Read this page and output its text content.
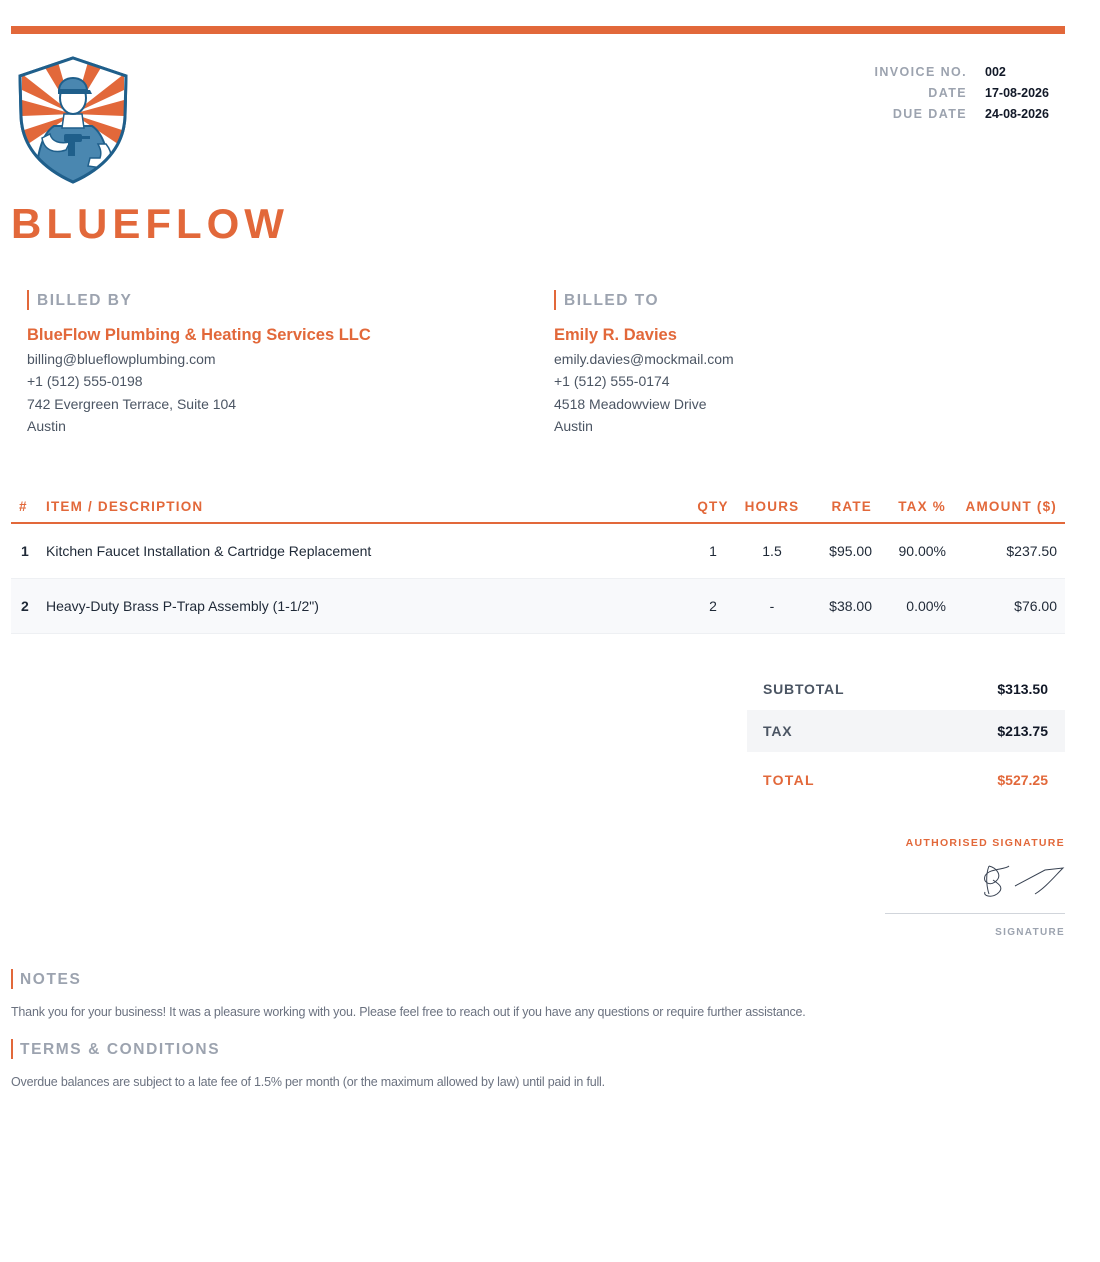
INVOICE NO.	002
DATE	17-08-2026
DUE DATE	24-08-2026
BLUEFLOW
BILLED BY
BlueFlow Plumbing & Heating Services LLC
billing@blueflowplumbing.com
+1 (512) 555-0198
742 Evergreen Terrace, Suite 104
Austin
BILLED TO
Emily R. Davies
emily.davies@mockmail.com
+1 (512) 555-0174
4518 Meadowview Drive
Austin
#	ITEM / DESCRIPTION	QTY	HOURS	RATE	TAX %	AMOUNT ($)
1	Kitchen Faucet Installation & Cartridge Replacement	1	1.5	$95.00	90.00%	$237.50
2	Heavy-Duty Brass P-Trap Assembly (1-1/2")	2	-	$38.00	0.00%	$76.00
SUBTOTAL	$313.50
TAX	$213.75
TOTAL	$527.25
AUTHORISED SIGNATURE
SIGNATURE
NOTES
Thank you for your business! It was a pleasure working with you. Please feel free to reach out if you have any questions or require further assistance.
TERMS & CONDITIONS
Overdue balances are subject to a late fee of 1.5% per month (or the maximum allowed by law) until paid in full.
